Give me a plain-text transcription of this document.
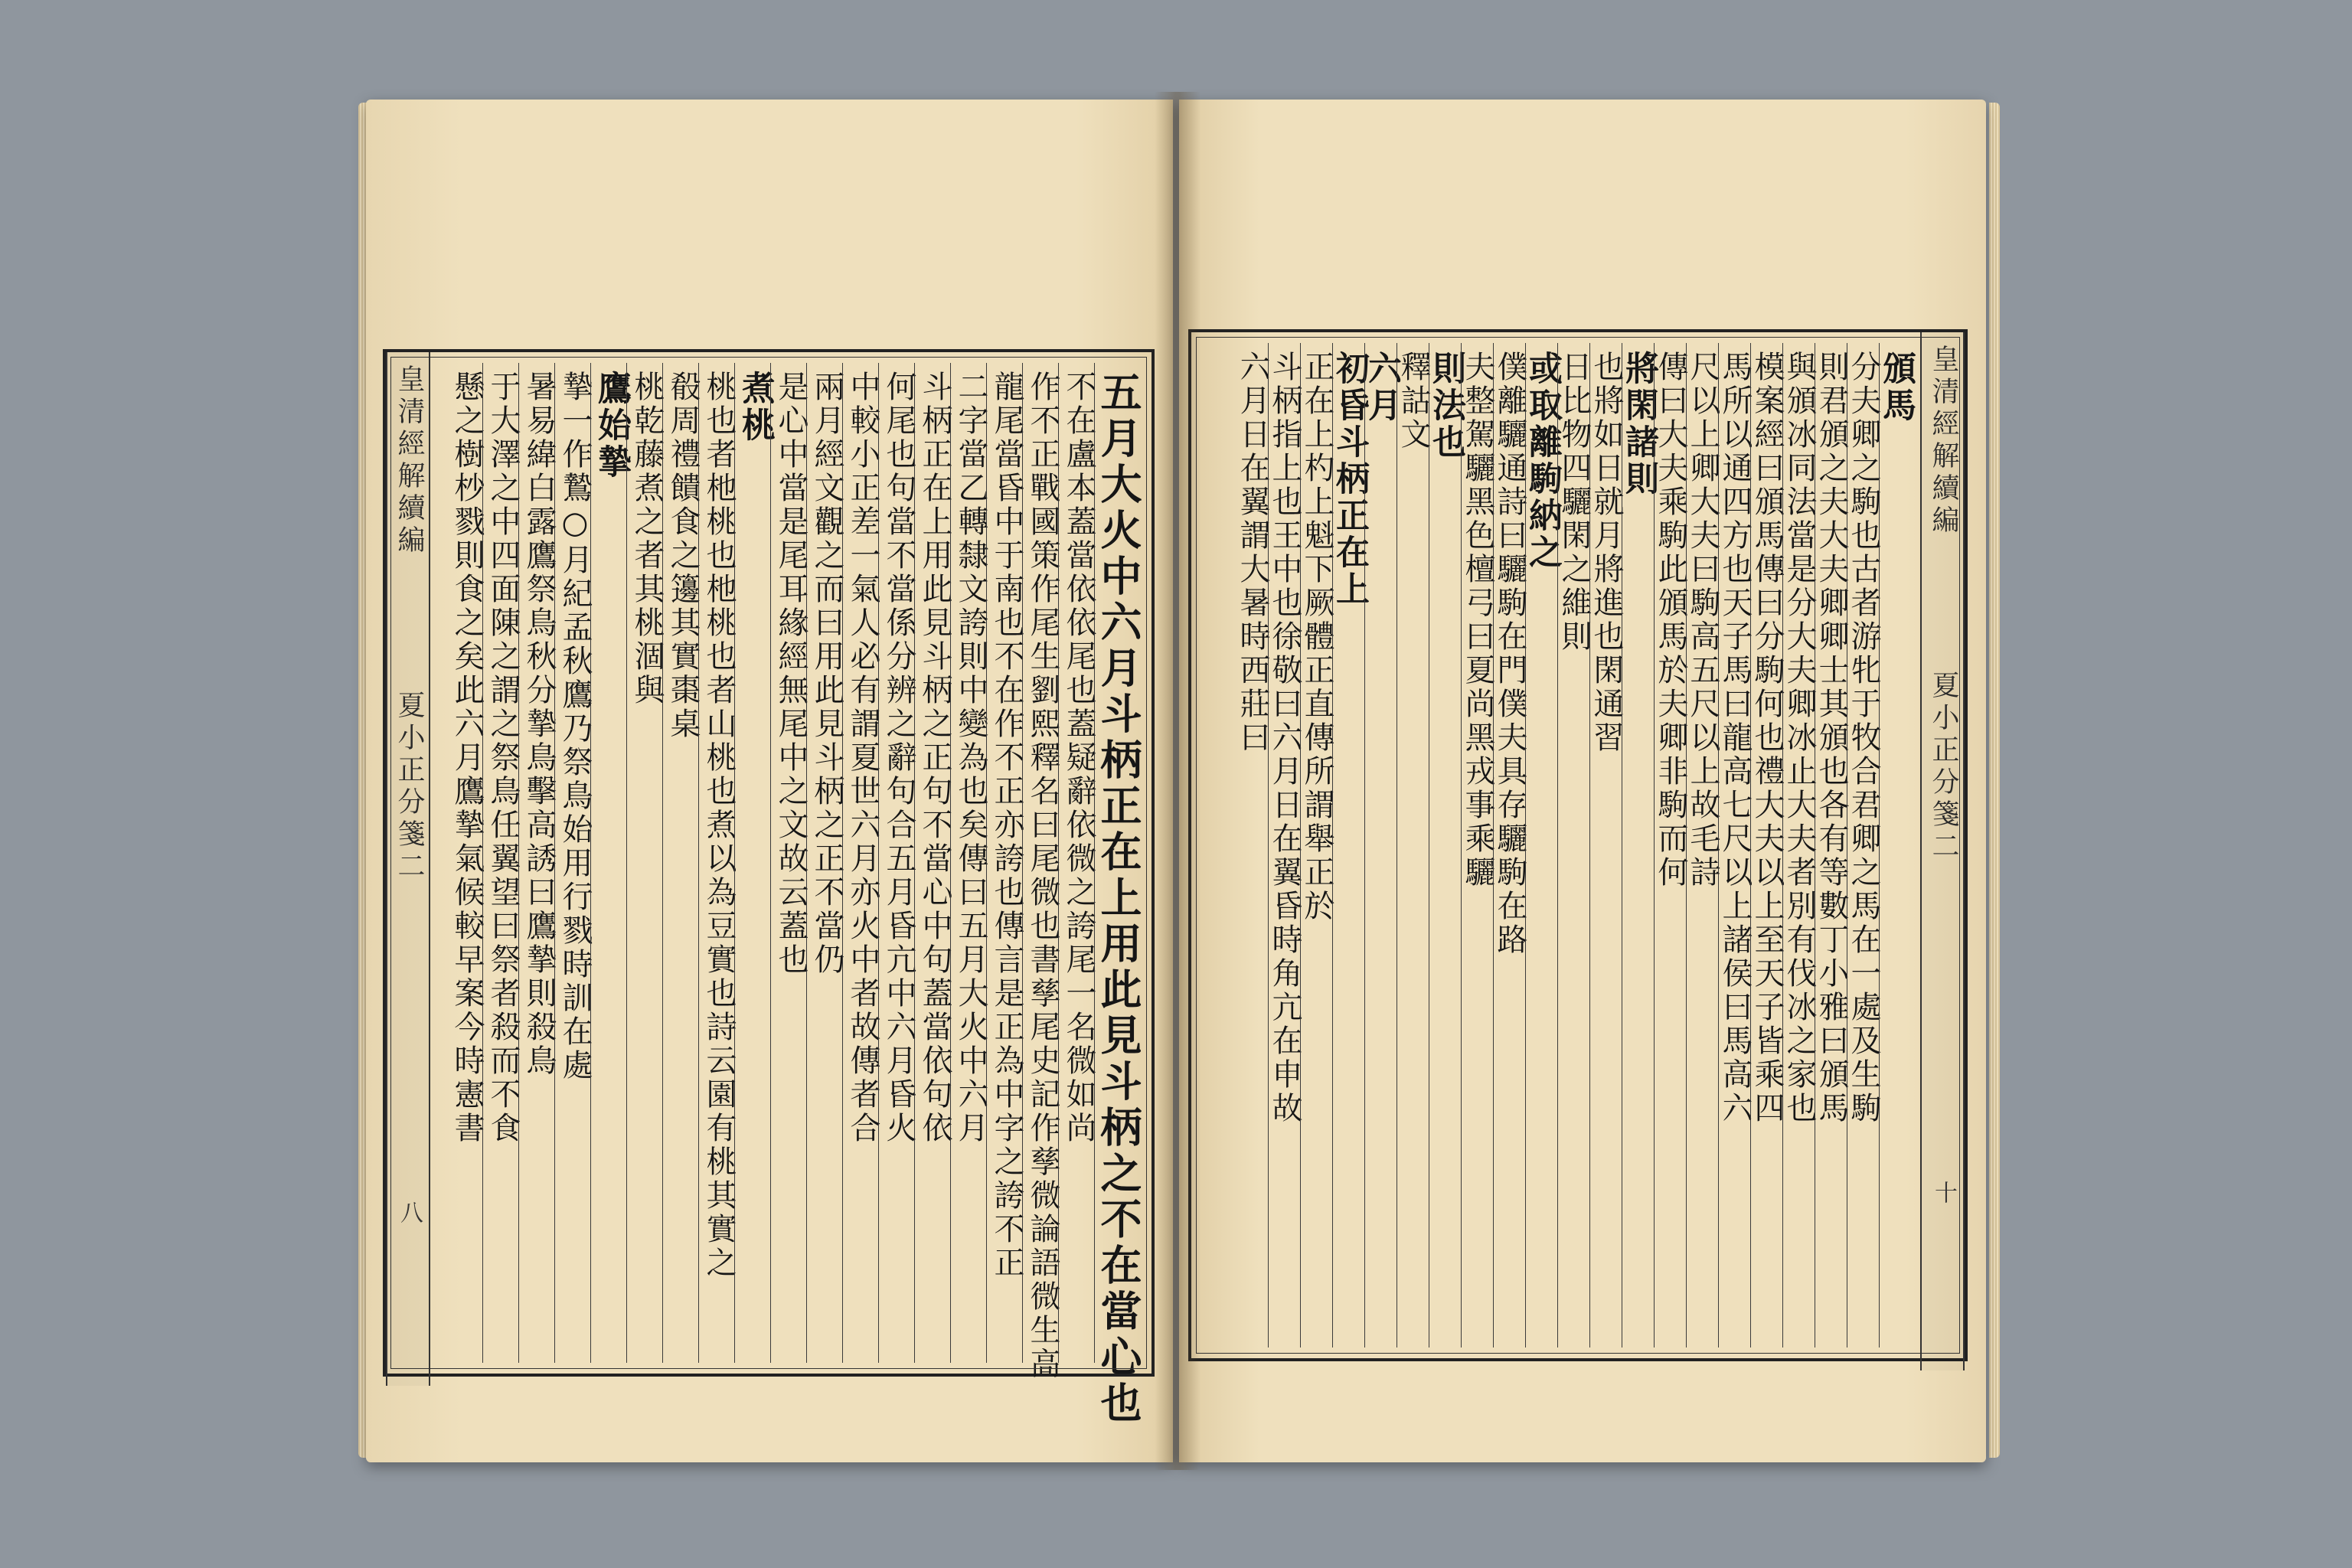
五月大火中六月斗柄正在上用此見斗柄之不在當心也
不在盧本蓋當依依尾也蓋疑辭依微之誇尾一名微如尚
作不正戰國策作尾生劉熙釋名曰尾微也書孳尾史記作孳微論語微生高
龍尾當昏中于南也不在作不正亦誇也傳言是正為中字之誇不正
二字當乙轉隸文誇則中變為也矣傳曰五月大火中六月
斗柄正在上用此見斗柄之正句不當心中句蓋當依句依
何尾也句當不當係分辨之辭句合五月昏亢中六月昏火
中較小正差一氣人必有謂夏世六月亦火中者故傳者合
兩月經文觀之而曰用此見斗柄之正不當仍
是心中當是尾耳緣經無尾中之文故云蓋也
煮桃
桃也者杝桃也杝桃也者山桃也煮以為豆實也詩云園有桃其實之
殽周禮饋食之籩其實棗桌
桃乾藤煮之者其桃涸與
鷹始摯
摯一作鷙○月紀孟秋鷹乃祭鳥始用行戮時訓在處
暑易緯白露鷹祭鳥秋分摯鳥擊高誘曰鷹摯則殺鳥
于大澤之中四面陳之謂之祭鳥任翼望曰祭者殺而不食
懸之樹杪戮則食之矣此六月鷹摯氣候較早案今時憲書
皇清經解續編  夏小正分箋二  八
頒馬
分夫卿之駒也古者游牝于牧合君卿之馬在一處及生駒
則君頒之夫大夫卿卿士其頒也各有等數丁小雅曰頒馬
與頒冰同法當是分大夫卿冰止大夫者別有伐冰之家也
模案經曰頒馬傳曰分駒何也禮大夫以上至天子皆乘四
馬所以通四方也天子馬曰龍高七尺以上諸侯曰馬高六
尺以上卿大夫曰駒高五尺以上故毛詩
傳曰大夫乘駒此頒馬於夫卿非駒而何
將閑諸則
也將如日就月將進也閑通習
日比物四驪閑之維則
或取離駒納之
僕離驪通詩曰驪駒在門僕夫具存驪駒在路
夫整駕驪黑色檀弓曰夏尚黑戎事乘驪
則法也
釋詁文
六月
初昏斗柄正在上
正在上杓上魁下厥體正直傳所謂舉正於
斗柄指上也王中也徐敬曰六月日在翼昏時角亢在申故
六月日在翼謂大暑時西莊曰	皇清經解續編  夏小正分箋二  十
